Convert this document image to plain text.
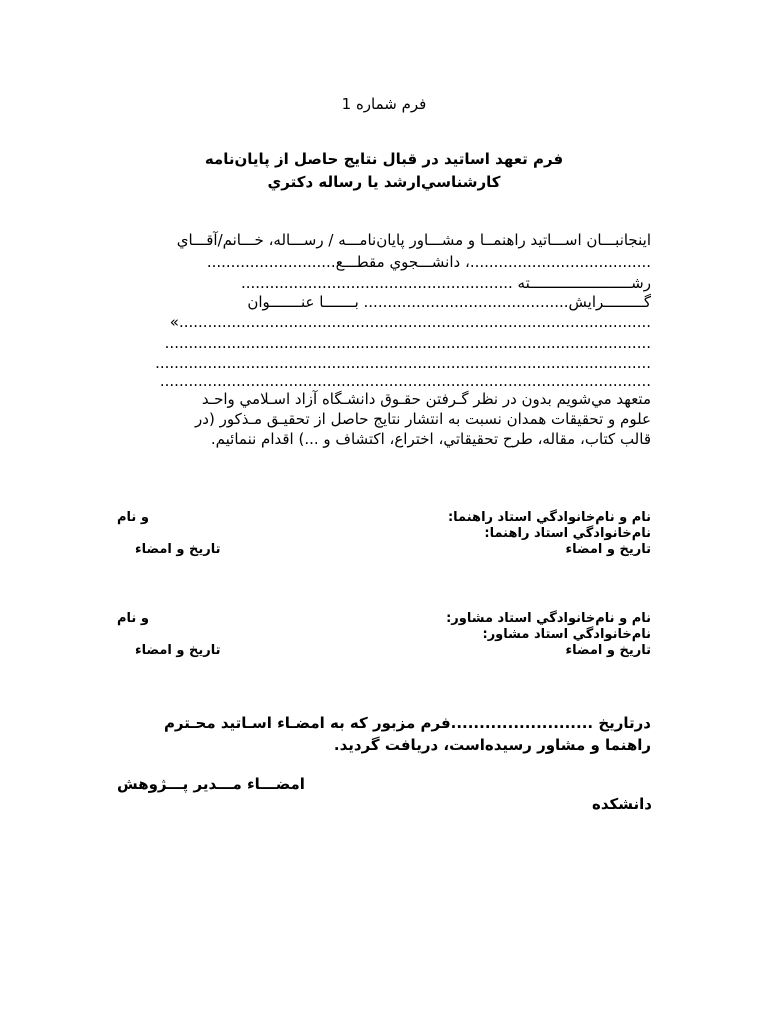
فرم شماره 1

فرم تعهد اساتيد در قبال نتايج حاصل از پايان‌نامه

كارشناسي‌ارشد يا رساله دكتري

اينجانبـــان اســـاتيد راهنمــا و مشـــاور پايان‌نامـــه / رســـاله، خـــانم/آقـــاي

......................................، دانشـــجوي مقطـــع...........................

رشـــــــــــــــــــــــته .........................................................

گـــــــــرايش........................................... بـــــــا عنـــــــوان

«...................................................................................................

......................................................................................................

........................................................................................................

.......................................................................................................

متعهد مي‌شويم بدون در نظر گـرفتن حقـوق دانشـگاه آزاد اسـلامي واحـد

علوم و تحقيقات همدان نسبت به انتشار نتايج حاصل از تحقيـق مـذكور (در

قالب كتاب، مقاله، طرح تحقيقاتي، اختراع، اكتشاف و ...) اقدام ننمائيم.

نام و نام‌خانوادگي استاد راهنما:

و نام

نام‌خانوادگي استاد راهنما:

تاريخ و امضاء

تاريخ و امضاء

نام و نام‌خانوادگي استاد مشاور:

و نام

نام‌خانوادگي استاد مشاور:

تاريخ و امضاء

تاريخ و امضاء

درتاريخ .........................فرم مزبور كه به امضـاء اسـاتيد محـترم

راهنما و مشاور رسيده‌است، دريافت گرديد.

امضـــاء مـــدير پـــژوهش

دانشكده
